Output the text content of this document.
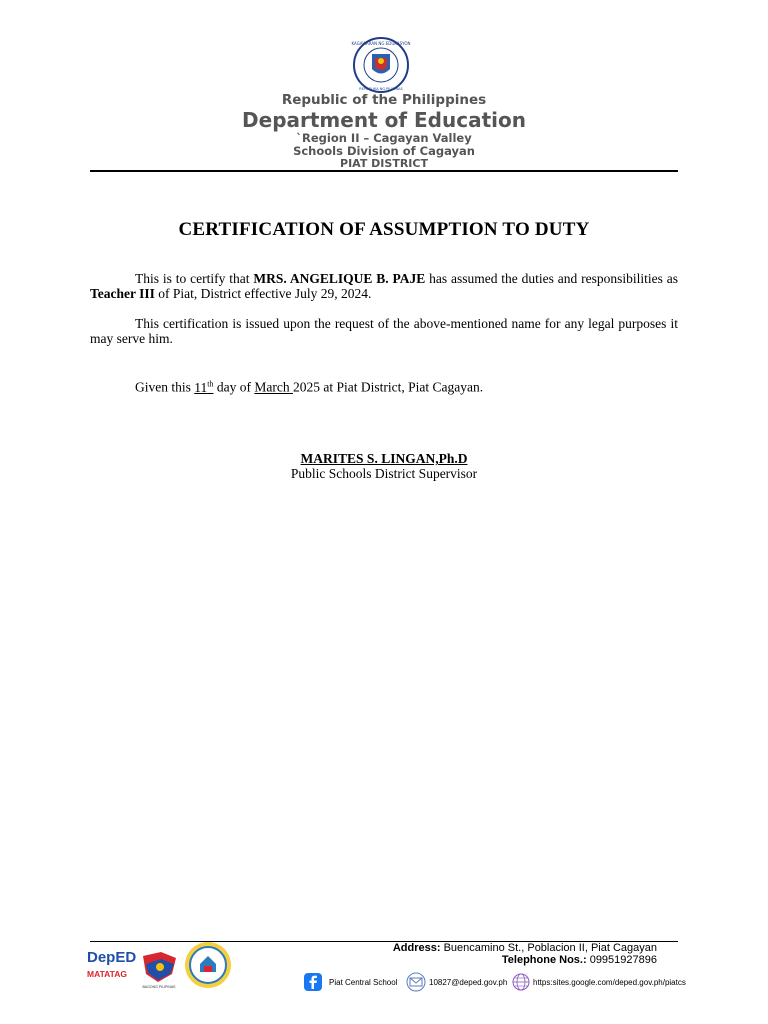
KAGAWARAN NG EDUKASYON
REPUBLIKA NG PILIPINAS
Republic of the Philippines
Department of Education
`Region II – Cagayan Valley
Schools Division of Cagayan
PIAT DISTRICT
CERTIFICATION OF ASSUMPTION TO DUTY
This is to certify that MRS. ANGELIQUE B. PAJE has assumed the duties and responsibilities as Teacher III of Piat, District effective July 29, 2024.
This certification is issued upon the request of the above-mentioned name for any legal purposes it may serve him.
Given this 11th day of March 2025 at Piat District, Piat Cagayan.
MARITES S. LINGAN,Ph.D
Public Schools District Supervisor
DepED
MATATAG
BAGONG PILIPINAS
Address: Buencamino St., Poblacion II, Piat Cagayan
Telephone Nos.: 09951927896
Piat Central School	10827@deped.gov.ph	https:sites.google.com/deped.gov.ph/piatcs
